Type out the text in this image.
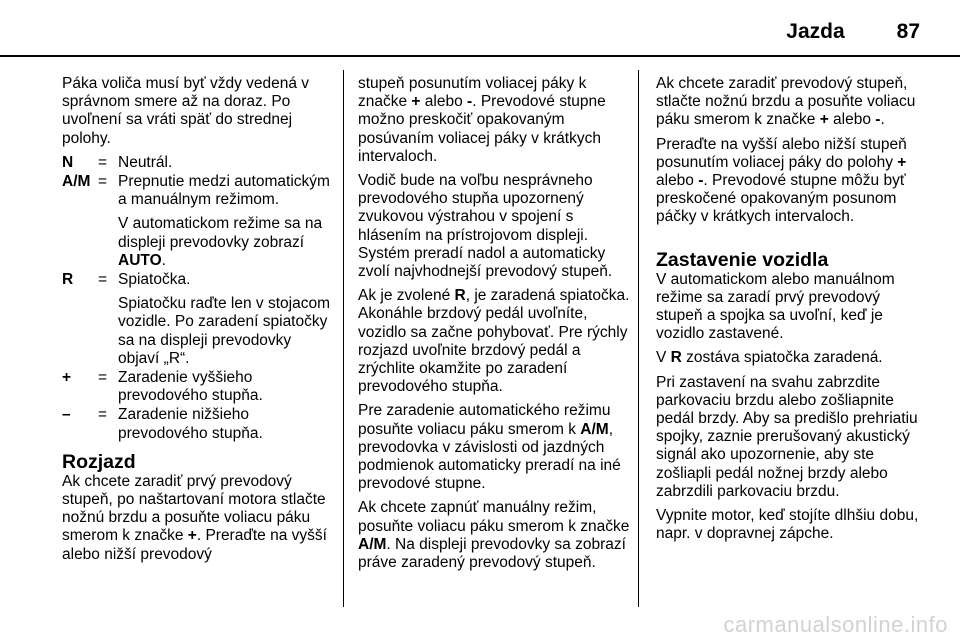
Jazda 87

Páka voliča musí byť vždy vedená v správnom smere až na doraz. Po uvoľnení sa vráti späť do strednej polohy.

N	= Neutrál.
A/M = Prepnutie medzi automatickým a manuálnym režimom.
V automatickom režime sa na displeji prevodovky zobrazí AUTO.
R	= Spiatočka.
Spiatočku raďte len v stojacom vozidle. Po zaradení spiatočky sa na displeji prevodovky objaví „R“.
+	= Zaradenie vyššieho prevodového stupňa.
–	= Zaradenie nižšieho prevodového stupňa.
Rozjazd

Ak chcete zaradiť prvý prevodový stupeň, po naštartovaní motora stlačte nožnú brzdu a posuňte voliacu páku smerom k značke +. Preraďte na vyšší alebo nižší prevodový

stupeň posunutím voliacej páky k značke + alebo -. Prevodové stupne možno preskočiť opakovaným posúvaním voliacej páky v krátkych intervaloch.

Vodič bude na voľbu nesprávneho prevodového stupňa upozornený zvukovou výstrahou v spojení s hlásením na prístrojovom displeji. Systém preradí nadol a automaticky zvolí najvhodnejší prevodový stupeň.

Ak je zvolené R, je zaradená spiatočka. Akonáhle brzdový pedál uvoľníte, vozidlo sa začne pohybovať. Pre rýchly rozjazd uvoľnite brzdový pedál a zrýchlite okamžite po zaradení prevodového stupňa.

Pre zaradenie automatického režimu posuňte voliacu páku smerom k A/M, prevodovka v závislosti od jazdných podmienok automaticky preradí na iné prevodové stupne.

Ak chcete zapnúť manuálny režim, posuňte voliacu páku smerom k značke A/M. Na displeji prevodovky sa zobrazí práve zaradený prevodový stupeň.

Ak chcete zaradiť prevodový stupeň, stlačte nožnú brzdu a posuňte voliacu páku smerom k značke + alebo -.

Preraďte na vyšší alebo nižší stupeň posunutím voliacej páky do polohy + alebo -. Prevodové stupne môžu byť preskočené opakovaným posunom páčky v krátkych intervaloch.

Zastavenie vozidla

V automatickom alebo manuálnom režime sa zaradí prvý prevodový stupeň a spojka sa uvoľní, keď je vozidlo zastavené.

V R zostáva spiatočka zaradená.

Pri zastavení na svahu zabrzdite parkovaciu brzdu alebo zošliapnite pedál brzdy. Aby sa predišlo prehriatiu spojky, zaznie prerušovaný akustický signál ako upozornenie, aby ste zošliapli pedál nožnej brzdy alebo zabrzdili parkovaciu brzdu.

Vypnite motor, keď stojíte dlhšiu dobu, napr. v dopravnej zápche.

carmanualsonline.info
